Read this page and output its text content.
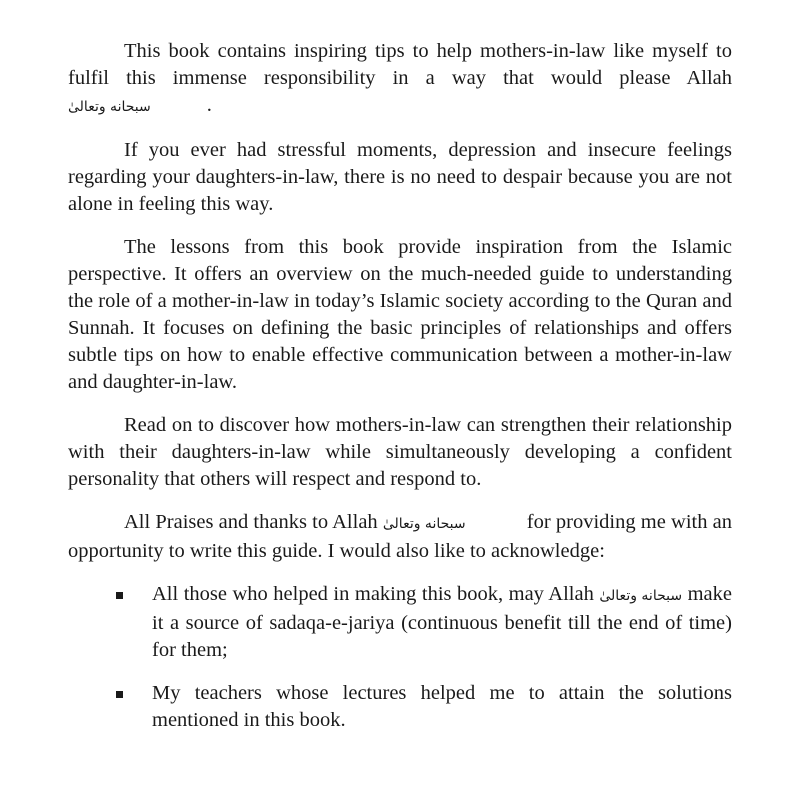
This book contains inspiring tips to help mothers-in-law like myself to fulfil this immense responsibility in a way that would please Allah سبحانه وتعالىٰ	.

If you ever had stressful moments, depression and insecure feelings regarding your daughters-in-law, there is no need to despair because you are not alone in feeling this way.

The lessons from this book provide inspiration from the Islamic perspective. It offers an overview on the much-needed guide to understanding the role of a mother-in-law in today’s Islamic society according to the Quran and Sunnah. It focuses on defining the basic principles of relationships and offers subtle tips on how to enable effective communication between a mother-in-law and daughter-in-law.

Read on to discover how mothers-in-law can strengthen their relationship with their daughters-in-law while simultaneously developing a confident personality that others will respect and respond to.

All Praises and thanks to Allah سبحانه وتعالىٰ	for providing me with an opportunity to write this guide. I would also like to acknowledge:

All those who helped in making this book, may Allah سبحانه وتعالىٰ make it a source of sadaqa-e-jariya (continuous benefit till the end of time) for them;
My teachers whose lectures helped me to attain the solutions mentioned in this book.
